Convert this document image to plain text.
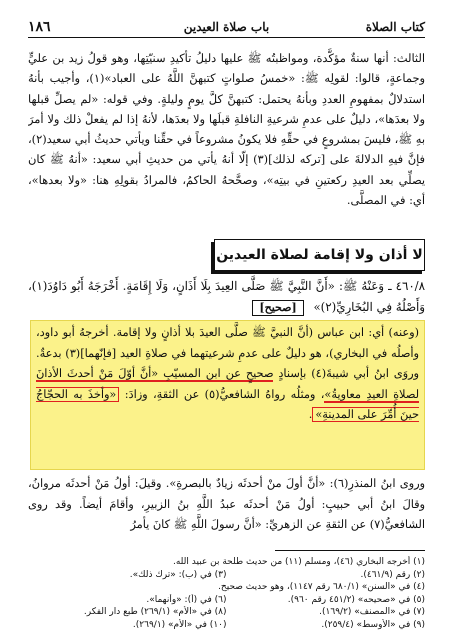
كتاب الصلاة
باب صلاة العيدين
١٨٦
الثالث: أنها سنةٌ مؤكَّدة، ومواظبتُه ﷺ عليها دليلُ تأكيدِ سنيّتِها، وهو قولُ زيد بن عليٍّ وجماعةٍ، قالوا: لقولِه ﷺ: «خمسُ صلواتٍ كتبهنَّ اللَّهُ على العباد»(١)، وأجيب بأنهُ استدلالٌ بمفهومِ العددِ وبأنهُ يحتمل: كتبهنَّ كلَّ يومٍ وليلةٍ. وفي قوله: «لم يصلِّ قبلها ولا بعدَها»، دليلٌ على عدمِ شرعيةِ النافلةِ قبلَها ولا بعدَها، لأنهُ إذا لم يفعلْ ذلك ولا أمرَ بهِ ﷺ، فليسَ بمشروعٍ في حقِّهِ فلا يكونُ مشروعاً في حقِّنا ويأتي حديثُ أبي سعيد(٢)، فإنَّ فيهِ الدلالةَ على [تركه لذلك](٣) إلّا أنهُ يأتي من حديثِ أبي سعيد: «أنهُ ﷺ كان يصلِّي بعد العيدِ ركعتينِ في بيتِه»، وصحَّحهُ الحاكمُ، فالمرادُ بقولِهِ هنا: «ولا بعدها»، أي: في المصلَّى.
لا أذان ولا إقامة لصلاة العيدين
٤٦٠/٨ ـ وَعَنْهُ ﷺ: «أَنَّ النَّبِيَّ ﷺ صَلَّى العِيدَ بِلَا أَذَانٍ، وَلَا إِقَامَةٍ. أَخْرَجَهُ أَبُو دَاوُدَ(١)، وَأَصْلُهُ فِي البُخَارِيِّ(٢)» [صحيح]
(وعنه) أي: ابن عباس (أنَّ النبيَّ ﷺ صلَّى العيدَ بلا أذانٍ ولا إقامة. أخرجهُ أبو داود، وأصلُه في البخاري)، هو دليلٌ على عدمِ شرعيتهما في صلاةِ العيد [فإنّهما](٣) بدعةٌ. وروَى ابنُ أبي شيبةَ(٤) بإسنادٍ صحيحٍ عن ابن المسيّبِ «أنَّ أوّلَ مَنْ أحدثَ الأذانَ لصلاةِ العيدِ معاويةُ»، ومثلُه رواهُ الشافعيُّ(٥) عن الثقةِ، وزادَ: «وأخذَ به الحجّاجُ حينَ أُمِّرَ على المدينةِ».
وروى ابنُ المنذرِ(٦): «أنَّ أولَ منْ أحدثَه زيادٌ بالبصرةِ». وقيلَ: أولُ مَنْ أحدثَه مروانُ، وقالَ ابنُ أبي حبيبٍ: أولُ مَنْ أحدثَه عبدُ اللَّهِ بنُ الزبيرِ، وأقامَ أيضاً. وقد روى الشافعيُّ(٧) عن الثقةِ عن الزهريِّ: «أنَّ رسولَ اللَّهِ ﷺ كانَ يأمرُ
(١) أخرجه البخاري (٤٦)، ومسلم (١١) من حديث طلحة بن عبيد الله.
(٢) رقم (٤٦١/٩).
(٣) في (ب): «ترك ذلك».
(٤) في «السنن» (٦٨٠/١ رقم ١١٤٧)، وهو حديث صحيح.
(٥) في «صحيحه» (٤٥١/٢ رقم ٩٦٠).
(٦) في (أ): «وأنهما».
(٧) في «المصنف» (١٦٩/٢).
(٨) في «الأم» (٢٦٩/١) طبع دار الفكر.
(٩) في «الأوسط» (٢٥٩/٤).
(١٠) في «الأم» (٢٦٩/١).
